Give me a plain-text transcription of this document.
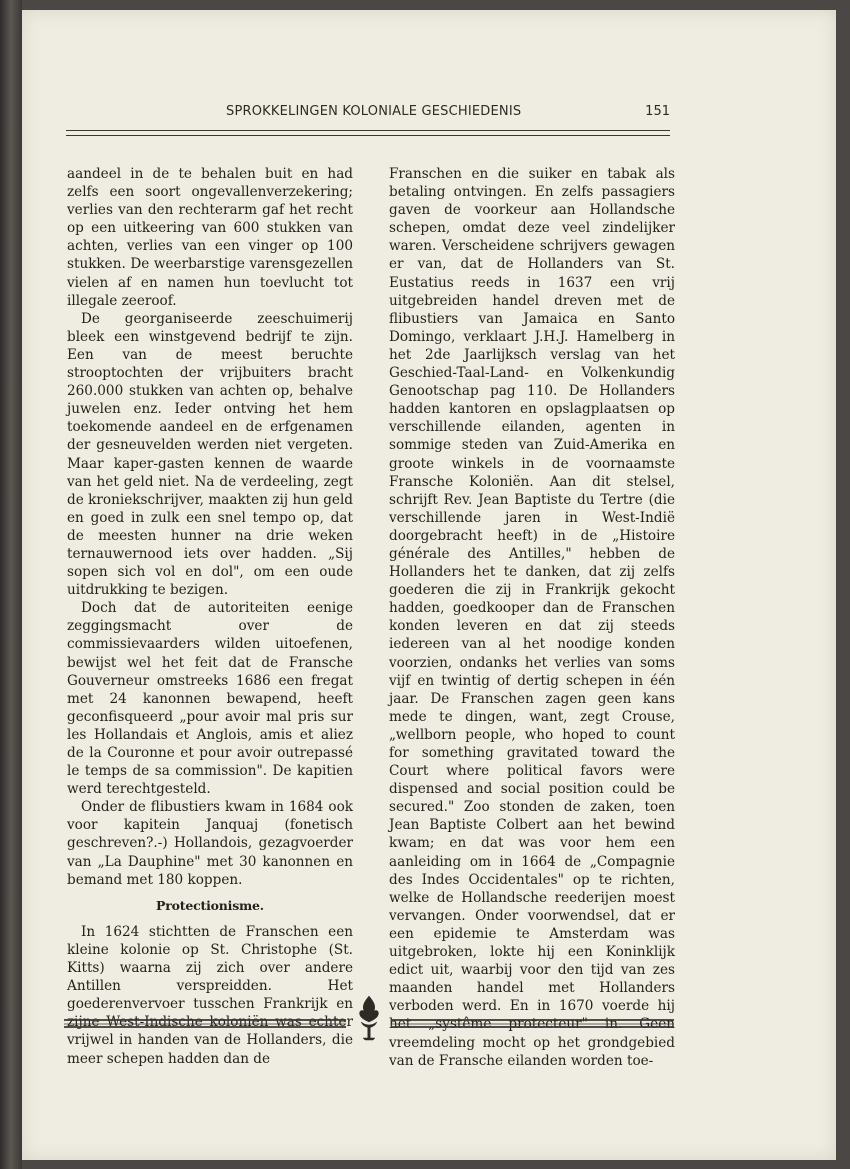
SPROKKELINGEN KOLONIALE GESCHIEDENIS	151

aandeel in de te behalen buit en had zelfs een soort ongevallenverzekering; verlies van den rechterarm gaf het recht op een uitkeering van 600 stukken van achten, verlies van een vinger op 100 stukken. De weerbarstige varensgezellen vielen af en namen hun toevlucht tot illegale zeeroof.

De georganiseerde zeeschuimerij bleek een winstgevend bedrijf te zijn. Een van de meest beruchte strooptochten der vrijbuiters bracht 260.000 stukken van achten op, behalve juwelen enz. Ieder ontving het hem toekomende aandeel en de erfgenamen der gesneuvelden werden niet vergeten. Maar kaper-gasten kennen de waarde van het geld niet. Na de verdeeling, zegt de kroniekschrijver, maakten zij hun geld en goed in zulk een snel tempo op, dat de meesten hunner na drie weken ternauwernood iets over hadden. „Sij sopen sich vol en dol", om een oude uitdrukking te bezigen.

Doch dat de autoriteiten eenige zeggingsmacht over de commissievaarders wilden uitoefenen, bewijst wel het feit dat de Fransche Gouverneur omstreeks 1686 een fregat met 24 kanonnen bewapend, heeft geconfisqueerd „pour avoir mal pris sur les Hollandais et Anglois, amis et aliez de la Couronne et pour avoir outrepassé le temps de sa commission". De kapitien werd terechtgesteld.

Onder de flibustiers kwam in 1684 ook voor kapitein Janquaj (fonetisch geschreven?.-) Hollandois, gezagvoerder van „La Dauphine" met 30 kanonnen en bemand met 180 koppen.

Protectionisme.

In 1624 stichtten de Franschen een kleine kolonie op St. Christophe (St. Kitts) waarna zij zich over andere Antillen verspreidden. Het goederenvervoer tusschen Frankrijk en zijne West-Indische koloniën was echter vrijwel in handen van de Hollanders, die meer schepen hadden dan de

Franschen en die suiker en tabak als betaling ontvingen. En zelfs passagiers gaven de voorkeur aan Hollandsche schepen, omdat deze veel zindelijker waren. Verscheidene schrijvers gewagen er van, dat de Hollanders van St. Eustatius reeds in 1637 een vrij uitgebreiden handel dreven met de flibustiers van Jamaica en Santo Domingo, verklaart J.H.J. Hamelberg in het 2de Jaarlijksch verslag van het Geschied-Taal-Land- en Volkenkundig Genootschap pag 110. De Hollanders hadden kantoren en opslagplaatsen op verschillende eilanden, agenten in sommige steden van Zuid-Amerika en groote winkels in de voornaamste Fransche Koloniën. Aan dit stelsel, schrijft Rev. Jean Baptiste du Tertre (die verschillende jaren in West-Indië doorgebracht heeft) in de „Histoire générale des Antilles," hebben de Hollanders het te danken, dat zij zelfs goederen die zij in Frankrijk gekocht hadden, goedkooper dan de Franschen konden leveren en dat zij steeds iedereen van al het noodige konden voorzien, ondanks het verlies van soms vijf en twintig of dertig schepen in één jaar. De Franschen zagen geen kans mede te dingen, want, zegt Crouse, „wellborn people, who hoped to count for something gravitated toward the Court where political favors were dispensed and social position could be secured." Zoo stonden de zaken, toen Jean Baptiste Colbert aan het bewind kwam; en dat was voor hem een aanleiding om in 1664 de „Compagnie des Indes Occidentales" op te richten, welke de Hollandsche reederijen moest vervangen. Onder voorwendsel, dat er een epidemie te Amsterdam was uitgebroken, lokte hij een Koninklijk edict uit, waarbij voor den tijd van zes maanden handel met Hollanders verboden werd. En in 1670 voerde hij het „systême protecteur" in. Geen vreemdeling mocht op het grondgebied van de Fransche eilanden worden toe-
